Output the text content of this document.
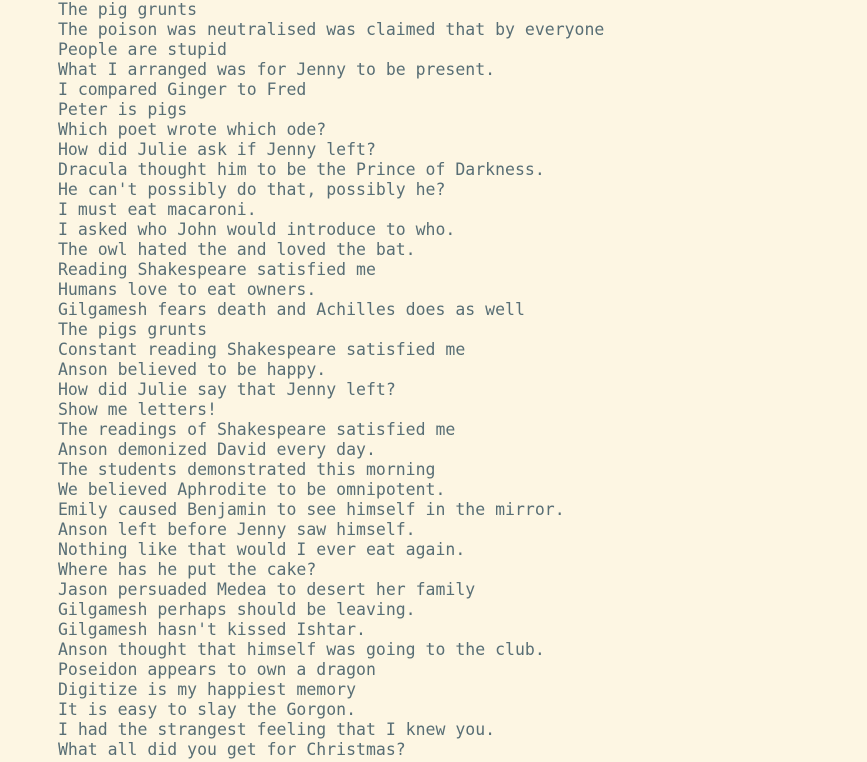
The pig grunts
The poison was neutralised was claimed that by everyone
People are stupid
What I arranged was for Jenny to be present.
I compared Ginger to Fred
Peter is pigs
Which poet wrote which ode?
How did Julie ask if Jenny left?
Dracula thought him to be the Prince of Darkness.
He can't possibly do that, possibly he?
I must eat macaroni.
I asked who John would introduce to who.
The owl hated the and loved the bat.
Reading Shakespeare satisfied me
Humans love to eat owners.
Gilgamesh fears death and Achilles does as well
The pigs grunts
Constant reading Shakespeare satisfied me
Anson believed to be happy.
How did Julie say that Jenny left?
Show me letters!
The readings of Shakespeare satisfied me
Anson demonized David every day.
The students demonstrated this morning
We believed Aphrodite to be omnipotent.
Emily caused Benjamin to see himself in the mirror.
Anson left before Jenny saw himself.
Nothing like that would I ever eat again.
Where has he put the cake?
Jason persuaded Medea to desert her family
Gilgamesh perhaps should be leaving.
Gilgamesh hasn't kissed Ishtar.
Anson thought that himself was going to the club.
Poseidon appears to own a dragon
Digitize is my happiest memory
It is easy to slay the Gorgon.
I had the strangest feeling that I knew you.
What all did you get for Christmas?
